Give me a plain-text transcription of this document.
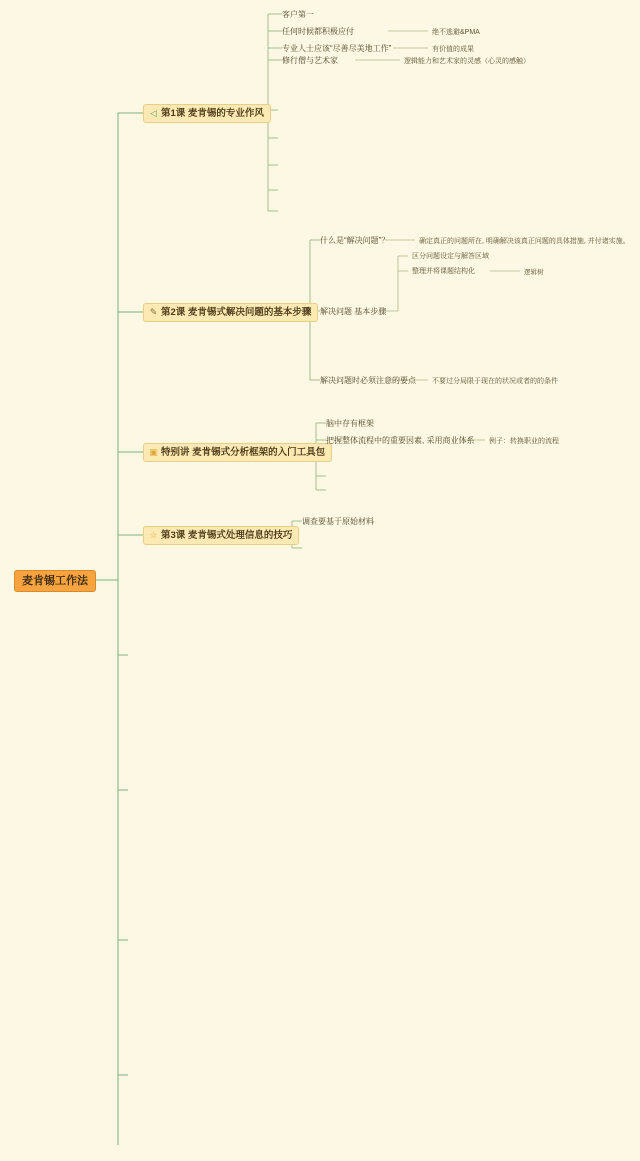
麦肯锡工作法
◁ 第1课 麦肯锡的专业作风
客户第一
任何时候都积极应付	绝不逃避&PMA
专业人士应该“尽善尽美地工作”	有价值的成果
修行僧与艺术家	逻辑能力和艺术家的灵感（心灵的感触）
✎ 第2课 麦肯锡式解决问题的基本步骤
什么是“解决问题”？	确定真正的问题所在, 明确解决该真正问题的具体措施, 并付诸实施。
解决问题 基本步骤
区分问题设定与解答区域
整理并将课题结构化	逻辑树
解决问题时必须注意的要点 不要过分局限于现在的状况或者的的条件
▣ 特别讲 麦肯锡式分析框架的入门工具包
脑中存有框架
把握整体流程中的重要因素, 采用商业体系 例子：转换职业的流程
☆ 第3课 麦肯锡式处理信息的技巧
调查要基于原始材料
